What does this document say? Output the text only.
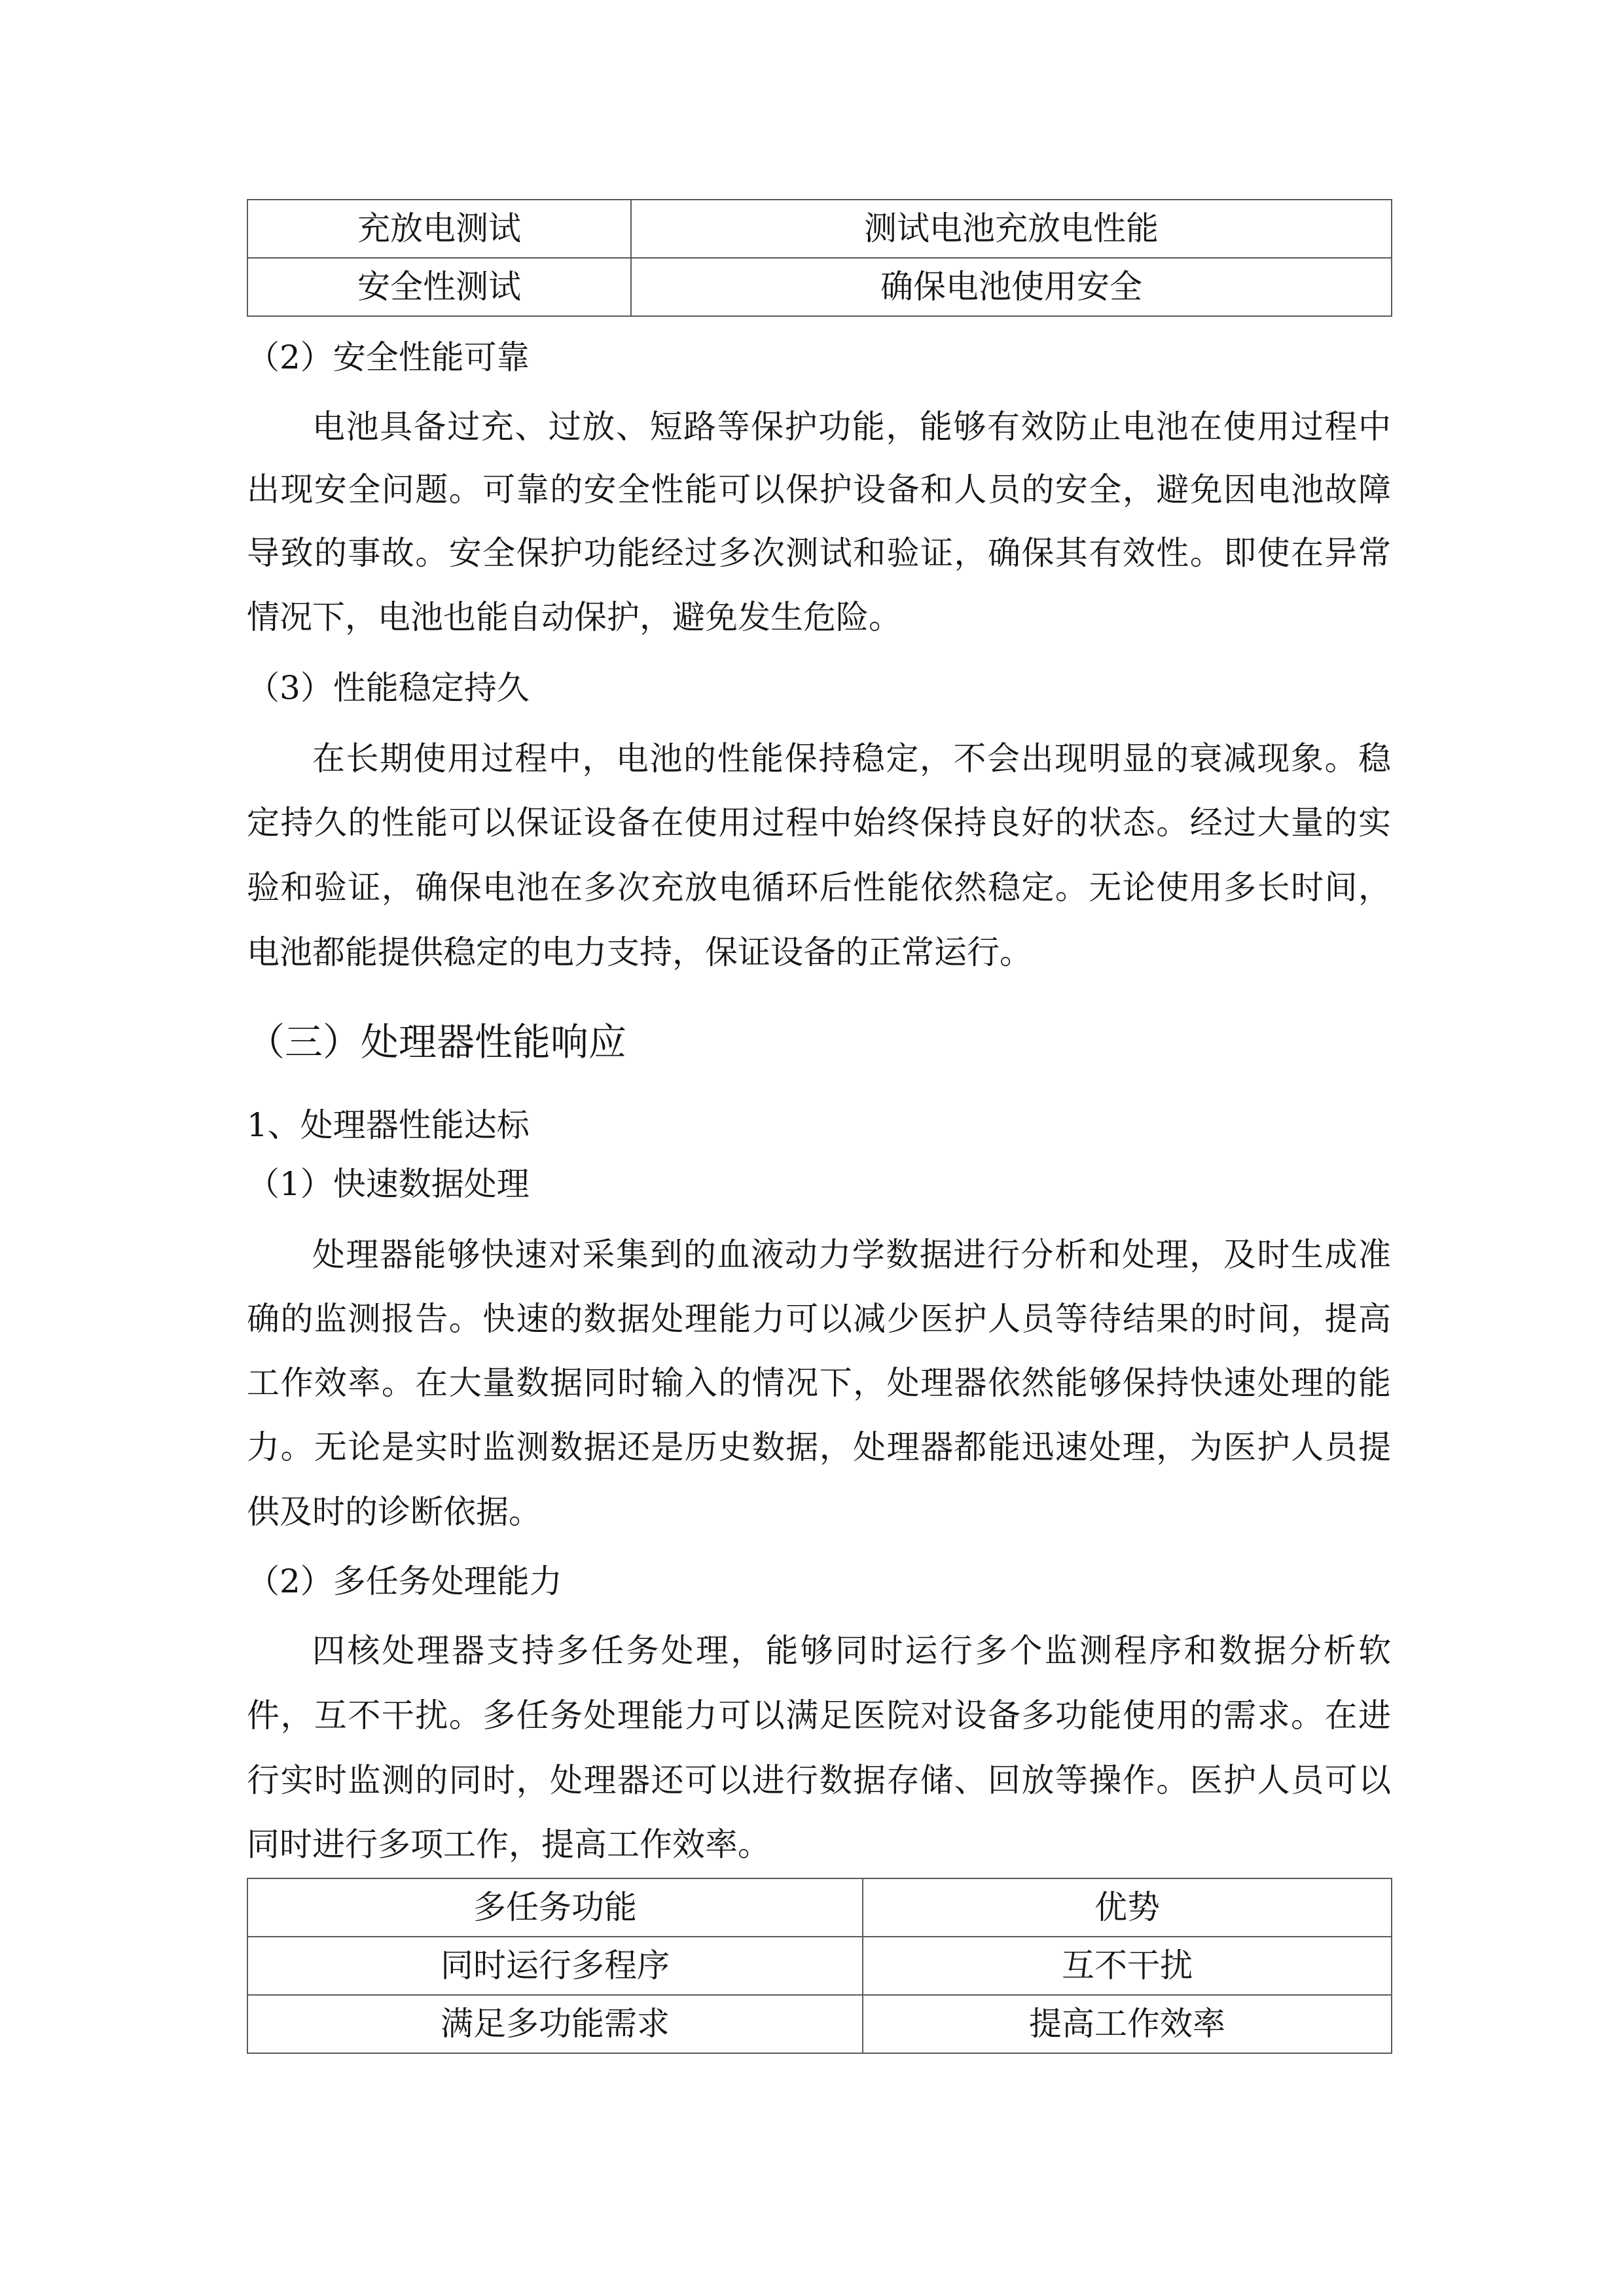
充放电测试	测试电池充放电性能
安全性测试	确保电池使用安全
（2）安全性能可靠
电池具备过充、过放、短路等保护功能，能够有效防止电池在使用过程中
出现安全问题。可靠的安全性能可以保护设备和人员的安全，避免因电池故障
导致的事故。安全保护功能经过多次测试和验证，确保其有效性。即使在异常
情况下，电池也能自动保护，避免发生危险。
（3）性能稳定持久
在长期使用过程中，电池的性能保持稳定，不会出现明显的衰减现象。稳
定持久的性能可以保证设备在使用过程中始终保持良好的状态。经过大量的实
验和验证，确保电池在多次充放电循环后性能依然稳定。无论使用多长时间，
电池都能提供稳定的电力支持，保证设备的正常运行。
（三）处理器性能响应
1、处理器性能达标
（1）快速数据处理
处理器能够快速对采集到的血液动力学数据进行分析和处理，及时生成准
确的监测报告。快速的数据处理能力可以减少医护人员等待结果的时间，提高
工作效率。在大量数据同时输入的情况下，处理器依然能够保持快速处理的能
力。无论是实时监测数据还是历史数据，处理器都能迅速处理，为医护人员提
供及时的诊断依据。
（2）多任务处理能力
四核处理器支持多任务处理，能够同时运行多个监测程序和数据分析软
件，互不干扰。多任务处理能力可以满足医院对设备多功能使用的需求。在进
行实时监测的同时，处理器还可以进行数据存储、回放等操作。医护人员可以
同时进行多项工作，提高工作效率。
多任务功能	优势
同时运行多程序	互不干扰
满足多功能需求	提高工作效率
